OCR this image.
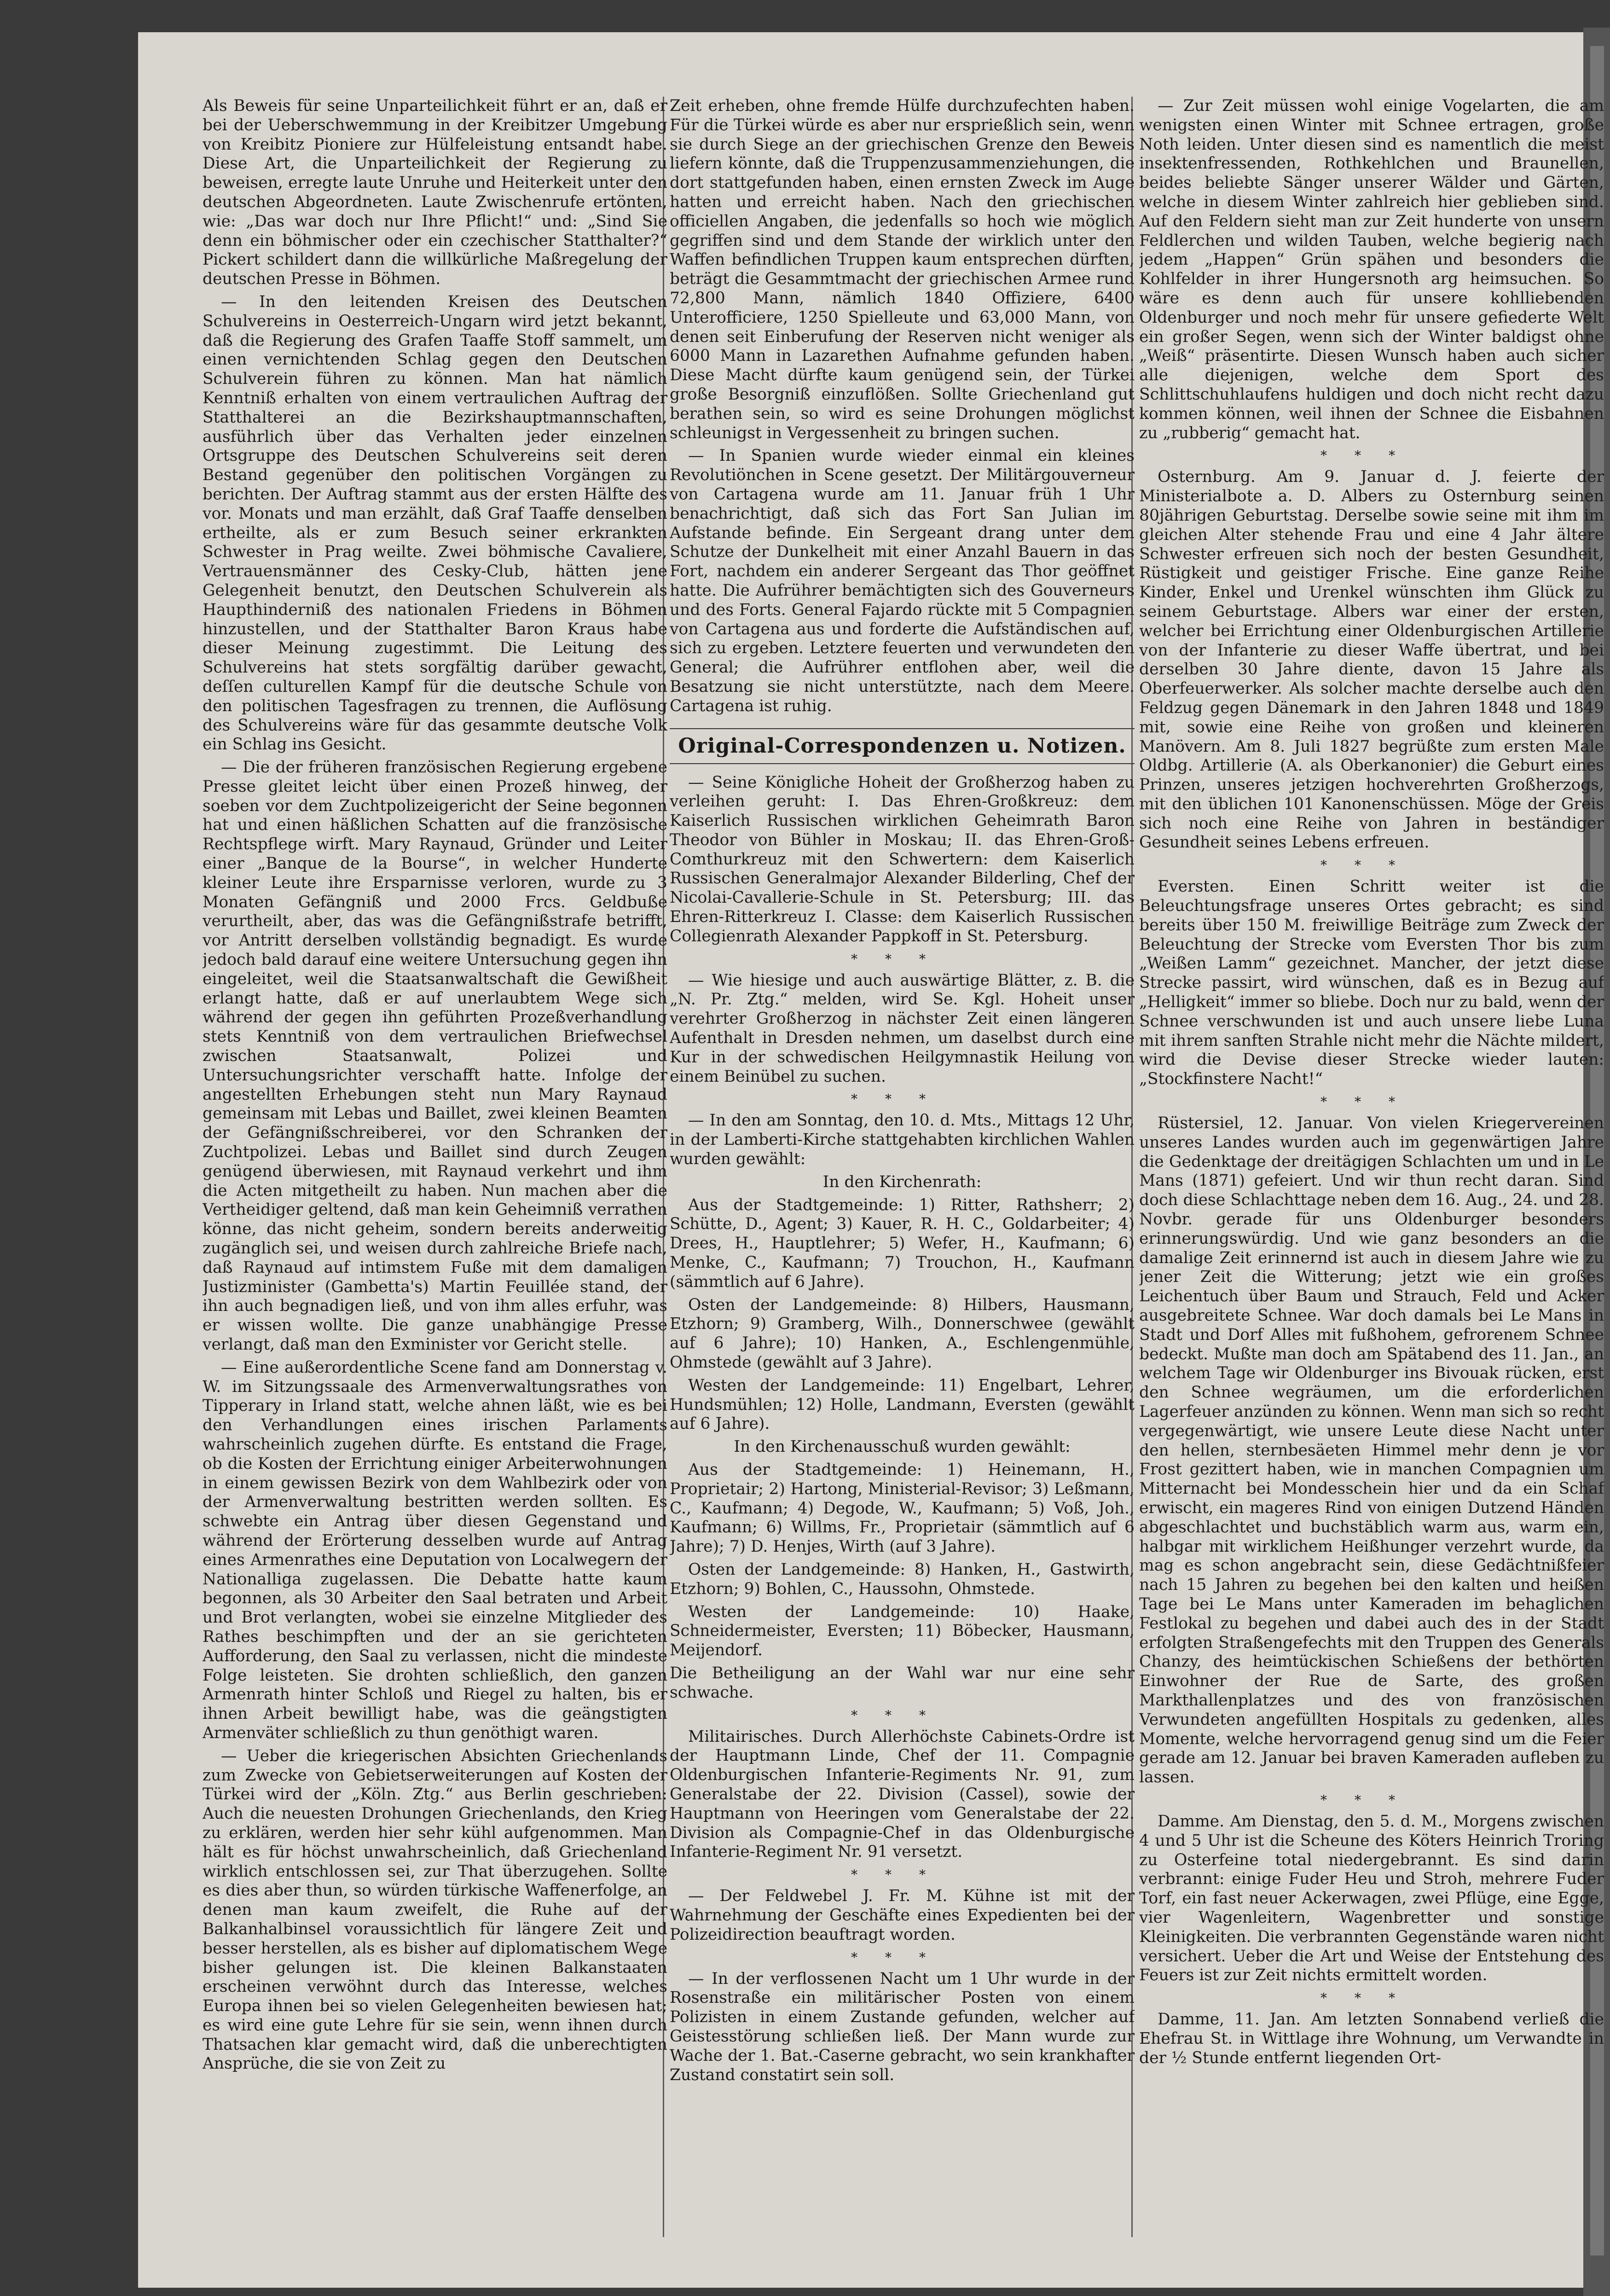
Als Beweis für seine Unparteilichkeit führt er an, daß er bei der Ueberschwemmung in der Kreibitzer Umgebung von Kreibitz Pioniere zur Hülfeleistung entsandt habe. Diese Art, die Unparteilichkeit der Regierung zu beweisen, erregte laute Unruhe und Heiterkeit unter den deutschen Abgeordneten. Laute Zwischenrufe ertönten, wie: „Das war doch nur Ihre Pflicht!“ und: „Sind Sie denn ein böhmischer oder ein czechischer Statthalter?“ Pickert schildert dann die willkürliche Maßregelung der deutschen Presse in Böhmen.

— In den leitenden Kreisen des Deutschen Schulvereins in Oesterreich-Ungarn wird jetzt bekannt, daß die Regierung des Grafen Taaffe Stoff sammelt, um einen vernichtenden Schlag gegen den Deutschen Schulverein führen zu können. Man hat nämlich Kenntniß erhalten von einem vertraulichen Auftrag der Statthalterei an die Bezirkshauptmannschaften, ausführlich über das Verhalten jeder einzelnen Ortsgruppe des Deutschen Schulvereins seit deren Bestand gegenüber den politischen Vorgängen zu berichten. Der Auftrag stammt aus der ersten Hälfte des vor. Monats und man erzählt, daß Graf Taaffe denselben ertheilte, als er zum Besuch seiner erkrankten Schwester in Prag weilte. Zwei böhmische Cavaliere, Vertrauensmänner des Cesky-Club, hätten jene Gelegenheit benutzt, den Deutschen Schulverein als Haupthinderniß des nationalen Friedens in Böhmen hinzustellen, und der Statthalter Baron Kraus habe dieser Meinung zugestimmt. Die Leitung des Schulvereins hat stets sorgfältig darüber gewacht, deſſen culturellen Kampf für die deutsche Schule von den politischen Tagesfragen zu trennen, die Auflösung des Schulvereins wäre für das gesammte deutsche Volk ein Schlag ins Gesicht.

— Die der früheren französischen Regierung ergebene Presse gleitet leicht über einen Prozeß hinweg, der soeben vor dem Zuchtpolizeigericht der Seine begonnen hat und einen häßlichen Schatten auf die französische Rechtspflege wirft. Mary Raynaud, Gründer und Leiter einer „Banque de la Bourse“, in welcher Hunderte kleiner Leute ihre Ersparnisse verloren, wurde zu 3 Monaten Gefängniß und 2000 Frcs. Geldbuße verurtheilt, aber, das was die Gefängnißstrafe betrifft, vor Antritt derselben vollständig begnadigt. Es wurde jedoch bald darauf eine weitere Untersuchung gegen ihn eingeleitet, weil die Staatsanwaltschaft die Gewißheit erlangt hatte, daß er auf unerlaubtem Wege sich während der gegen ihn geführten Prozeßverhandlung stets Kenntniß von dem vertraulichen Briefwechsel zwischen Staatsanwalt, Polizei und Untersuchungsrichter verschafft hatte. Infolge der angestellten Erhebungen steht nun Mary Raynaud gemeinsam mit Lebas und Baillet, zwei kleinen Beamten der Gefängnißschreiberei, vor den Schranken der Zuchtpolizei. Lebas und Baillet sind durch Zeugen genügend überwiesen, mit Raynaud verkehrt und ihm die Acten mitgetheilt zu haben. Nun machen aber die Vertheidiger geltend, daß man kein Geheimniß verrathen könne, das nicht geheim, sondern bereits anderweitig zugänglich sei, und weisen durch zahlreiche Briefe nach, daß Raynaud auf intimstem Fuße mit dem damaligen Justizminister (Gambetta's) Martin Feuillée stand, der ihn auch begnadigen ließ, und von ihm alles erfuhr, was er wissen wollte. Die ganze unabhängige Presse verlangt, daß man den Exminister vor Gericht stelle.

— Eine außerordentliche Scene fand am Donnerstag v. W. im Sitzungssaale des Armenverwaltungsrathes von Tipperary in Irland statt, welche ahnen läßt, wie es bei den Verhandlungen eines irischen Parlaments wahrscheinlich zugehen dürfte. Es entstand die Frage, ob die Kosten der Errichtung einiger Arbeiterwohnungen in einem gewissen Bezirk von dem Wahlbezirk oder von der Armenverwaltung bestritten werden sollten. Es schwebte ein Antrag über diesen Gegenstand und während der Erörterung desselben wurde auf Antrag eines Armenrathes eine Deputation von Localwegern der Nationalliga zugelassen. Die Debatte hatte kaum begonnen, als 30 Arbeiter den Saal betraten und Arbeit und Brot verlangten, wobei sie einzelne Mitglieder des Rathes beschimpften und der an sie gerichteten Aufforderung, den Saal zu verlassen, nicht die mindeste Folge leisteten. Sie drohten schließlich, den ganzen Armenrath hinter Schloß und Riegel zu halten, bis er ihnen Arbeit bewilligt habe, was die geängstigten Armenväter schließlich zu thun genöthigt waren.

— Ueber die kriegerischen Absichten Griechenlands zum Zwecke von Gebietserweiterungen auf Kosten der Türkei wird der „Köln. Ztg.“ aus Berlin geschrieben: Auch die neuesten Drohungen Griechenlands, den Krieg zu erklären, werden hier sehr kühl aufgenommen. Man hält es für höchst unwahrscheinlich, daß Griechenland wirklich entschlossen sei, zur That überzugehen. Sollte es dies aber thun, so würden türkische Waffenerfolge, an denen man kaum zweifelt, die Ruhe auf der Balkanhalbinsel voraussichtlich für längere Zeit und besser herstellen, als es bisher auf diplomatischem Wege bisher gelungen ist. Die kleinen Balkanstaaten erscheinen verwöhnt durch das Interesse, welches Europa ihnen bei so vielen Gelegenheiten bewiesen hat; es wird eine gute Lehre für sie sein, wenn ihnen durch Thatsachen klar gemacht wird, daß die unberechtigten Ansprüche, die sie von Zeit zu

Zeit erheben, ohne fremde Hülfe durchzufechten haben. Für die Türkei würde es aber nur ersprießlich sein, wenn sie durch Siege an der griechischen Grenze den Beweis liefern könnte, daß die Truppenzusammenziehungen, die dort stattgefunden haben, einen ernsten Zweck im Auge hatten und erreicht haben. Nach den griechischen officiellen Angaben, die jedenfalls so hoch wie möglich gegriffen sind und dem Stande der wirklich unter den Waffen befindlichen Truppen kaum entsprechen dürften, beträgt die Gesammtmacht der griechischen Armee rund 72,800 Mann, nämlich 1840 Offiziere, 6400 Unterofficiere, 1250 Spielleute und 63,000 Mann, von denen seit Einberufung der Reserven nicht weniger als 6000 Mann in Lazarethen Aufnahme gefunden haben. Diese Macht dürfte kaum genügend sein, der Türkei große Besorgniß einzuflößen. Sollte Griechenland gut berathen sein, so wird es seine Drohungen möglichst schleunigst in Vergessenheit zu bringen suchen.

— In Spanien wurde wieder einmal ein kleines Revolutiönchen in Scene gesetzt. Der Militärgouverneur von Cartagena wurde am 11. Januar früh 1 Uhr benachrichtigt, daß sich das Fort San Julian im Aufstande befinde. Ein Sergeant drang unter dem Schutze der Dunkelheit mit einer Anzahl Bauern in das Fort, nachdem ein anderer Sergeant das Thor geöffnet hatte. Die Aufrührer bemächtigten sich des Gouverneurs und des Forts. General Fajardo rückte mit 5 Compagnien von Cartagena aus und forderte die Aufständischen auf, sich zu ergeben. Letztere feuerten und verwundeten den General; die Aufrührer entflohen aber, weil die Besatzung sie nicht unterstützte, nach dem Meere. Cartagena ist ruhig.

Original-Correspondenzen u. Notizen.

— Seine Königliche Hoheit der Großherzog haben zu verleihen geruht: I. Das Ehren-Großkreuz: dem Kaiserlich Russischen wirklichen Geheimrath Baron Theodor von Bühler in Moskau; II. das Ehren-Groß-Comthurkreuz mit den Schwertern: dem Kaiserlich Russischen Generalmajor Alexander Bilderling, Chef der Nicolai-Cavallerie-Schule in St. Petersburg; III. das Ehren-Ritterkreuz I. Classe: dem Kaiserlich Russischen Collegienrath Alexander Pappkoff in St. Petersburg.

***

— Wie hiesige und auch auswärtige Blätter, z. B. die „N. Pr. Ztg.“ melden, wird Se. Kgl. Hoheit unser verehrter Großherzog in nächster Zeit einen längeren Aufenthalt in Dresden nehmen, um daselbst durch eine Kur in der schwedischen Heilgymnastik Heilung von einem Beinübel zu suchen.

***

— In den am Sonntag, den 10. d. Mts., Mittags 12 Uhr, in der Lamberti-Kirche stattgehabten kirchlichen Wahlen wurden gewählt:

In den Kirchenrath:

Aus der Stadtgemeinde: 1) Ritter, Rathsherr; 2) Schütte, D., Agent; 3) Kauer, R. H. C., Goldarbeiter; 4) Drees, H., Hauptlehrer; 5) Wefer, H., Kaufmann; 6) Menke, C., Kaufmann; 7) Trouchon, H., Kaufmann (sämmtlich auf 6 Jahre).

Osten der Landgemeinde: 8) Hilbers, Hausmann, Etzhorn; 9) Gramberg, Wilh., Donnerschwee (gewählt auf 6 Jahre); 10) Hanken, A., Eschlengenmühle, Ohmstede (gewählt auf 3 Jahre).

Westen der Landgemeinde: 11) Engelbart, Lehrer, Hundsmühlen; 12) Holle, Landmann, Eversten (gewählt auf 6 Jahre).

In den Kirchenausschuß wurden gewählt:

Aus der Stadtgemeinde: 1) Heinemann, H., Proprietair; 2) Hartong, Ministerial-Revisor; 3) Leßmann, C., Kaufmann; 4) Degode, W., Kaufmann; 5) Voß, Joh., Kaufmann; 6) Willms, Fr., Proprietair (sämmtlich auf 6 Jahre); 7) D. Henjes, Wirth (auf 3 Jahre).

Osten der Landgemeinde: 8) Hanken, H., Gastwirth, Etzhorn; 9) Bohlen, C., Haussohn, Ohmstede.

Westen der Landgemeinde: 10) Haake, Schneidermeister, Eversten; 11) Böbecker, Hausmann, Meijendorf.

Die Betheiligung an der Wahl war nur eine sehr schwache.

***

Militairisches. Durch Allerhöchste Cabinets-Ordre ist der Hauptmann Linde, Chef der 11. Compagnie Oldenburgischen Infanterie-Regiments Nr. 91, zum Generalstabe der 22. Division (Cassel), sowie der Hauptmann von Heeringen vom Generalstabe der 22. Division als Compagnie-Chef in das Oldenburgische Infanterie-Regiment Nr. 91 versetzt.

***

— Der Feldwebel J. Fr. M. Kühne ist mit der Wahrnehmung der Geschäfte eines Expedienten bei der Polizeidirection beauftragt worden.

***

— In der verflossenen Nacht um 1 Uhr wurde in der Rosenstraße ein militärischer Posten von einem Polizisten in einem Zustande gefunden, welcher auf Geistesstörung schließen ließ. Der Mann wurde zur Wache der 1. Bat.-Caserne gebracht, wo sein krankhafter Zustand constatirt sein soll.

— Zur Zeit müssen wohl einige Vogelarten, die am wenigsten einen Winter mit Schnee ertragen, große Noth leiden. Unter diesen sind es namentlich die meist insektenfressenden, Rothkehlchen und Braunellen, beides beliebte Sänger unserer Wälder und Gärten, welche in diesem Winter zahlreich hier geblieben sind. Auf den Feldern sieht man zur Zeit hunderte von unsern Feldlerchen und wilden Tauben, welche begierig nach jedem „Happen“ Grün spähen und besonders die Kohlfelder in ihrer Hungersnoth arg heimsuchen. So wäre es denn auch für unsere kohlliebenden Oldenburger und noch mehr für unsere gefiederte Welt ein großer Segen, wenn sich der Winter baldigst ohne „Weiß“ präsentirte. Diesen Wunsch haben auch sicher alle diejenigen, welche dem Sport des Schlittschuhlaufens huldigen und doch nicht recht dazu kommen können, weil ihnen der Schnee die Eisbahnen zu „rubberig“ gemacht hat.

***

Osternburg. Am 9. Januar d. J. feierte der Ministerialbote a. D. Albers zu Osternburg seinen 80jährigen Geburtstag. Derselbe sowie seine mit ihm im gleichen Alter stehende Frau und eine 4 Jahr ältere Schwester erfreuen sich noch der besten Gesundheit, Rüstigkeit und geistiger Frische. Eine ganze Reihe Kinder, Enkel und Urenkel wünschten ihm Glück zu seinem Geburtstage. Albers war einer der ersten, welcher bei Errichtung einer Oldenburgischen Artillerie von der Infanterie zu dieser Waffe übertrat, und bei derselben 30 Jahre diente, davon 15 Jahre als Oberfeuerwerker. Als solcher machte derselbe auch den Feldzug gegen Dänemark in den Jahren 1848 und 1849 mit, sowie eine Reihe von großen und kleineren Manövern. Am 8. Juli 1827 begrüßte zum ersten Male Oldbg. Artillerie (A. als Oberkanonier) die Geburt eines Prinzen, unseres jetzigen hochverehrten Großherzogs, mit den üblichen 101 Kanonenschüssen. Möge der Greis sich noch eine Reihe von Jahren in beständiger Gesundheit seines Lebens erfreuen.

***

Eversten. Einen Schritt weiter ist die Beleuchtungsfrage unseres Ortes gebracht; es sind bereits über 150 M. freiwillige Beiträge zum Zweck der Beleuchtung der Strecke vom Eversten Thor bis zum „Weißen Lamm“ gezeichnet. Mancher, der jetzt diese Strecke passirt, wird wünschen, daß es in Bezug auf „Helligkeit“ immer so bliebe. Doch nur zu bald, wenn der Schnee verschwunden ist und auch unsere liebe Luna mit ihrem sanften Strahle nicht mehr die Nächte mildert, wird die Devise dieser Strecke wieder lauten: „Stockfinstere Nacht!“

***

Rüstersiel, 12. Januar. Von vielen Kriegervereinen unseres Landes wurden auch im gegenwärtigen Jahre die Gedenktage der dreitägigen Schlachten um und in Le Mans (1871) gefeiert. Und wir thun recht daran. Sind doch diese Schlachttage neben dem 16. Aug., 24. und 28. Novbr. gerade für uns Oldenburger besonders erinnerungswürdig. Und wie ganz besonders an die damalige Zeit erinnernd ist auch in diesem Jahre wie zu jener Zeit die Witterung; jetzt wie ein großes Leichentuch über Baum und Strauch, Feld und Acker ausgebreitete Schnee. War doch damals bei Le Mans in Stadt und Dorf Alles mit fußhohem, gefrorenem Schnee bedeckt. Mußte man doch am Spätabend des 11. Jan., an welchem Tage wir Oldenburger ins Bivouak rücken, erst den Schnee wegräumen, um die erforderlichen Lagerfeuer anzünden zu können. Wenn man sich so recht vergegenwärtigt, wie unsere Leute diese Nacht unter den hellen, sternbesäeten Himmel mehr denn je vor Frost gezittert haben, wie in manchen Compagnien um Mitternacht bei Mondesschein hier und da ein Schaf erwischt, ein mageres Rind von einigen Dutzend Händen abgeschlachtet und buchstäblich warm aus, warm ein, halbgar mit wirklichem Heißhunger verzehrt wurde, da mag es schon angebracht sein, diese Gedächtnißfeier nach 15 Jahren zu begehen bei den kalten und heißen Tage bei Le Mans unter Kameraden im behaglichen Festlokal zu begehen und dabei auch des in der Stadt erfolgten Straßengefechts mit den Truppen des Generals Chanzy, des heimtückischen Schießens der bethörten Einwohner der Rue de Sarte, des großen Markthallenplatzes und des von französischen Verwundeten angefüllten Hospitals zu gedenken, alles Momente, welche hervorragend genug sind um die Feier gerade am 12. Januar bei braven Kameraden aufleben zu lassen.

***

Damme. Am Dienstag, den 5. d. M., Morgens zwischen 4 und 5 Uhr ist die Scheune des Köters Heinrich Troring zu Osterfeine total niedergebrannt. Es sind darin verbrannt: einige Fuder Heu und Stroh, mehrere Fuder Torf, ein fast neuer Ackerwagen, zwei Pflüge, eine Egge, vier Wagenleitern, Wagenbretter und sonstige Kleinigkeiten. Die verbrannten Gegenstände waren nicht versichert. Ueber die Art und Weise der Entstehung des Feuers ist zur Zeit nichts ermittelt worden.

***

Damme, 11. Jan. Am letzten Sonnabend verließ die Ehefrau St. in Wittlage ihre Wohnung, um Verwandte in der ½ Stunde entfernt liegenden Ort-
